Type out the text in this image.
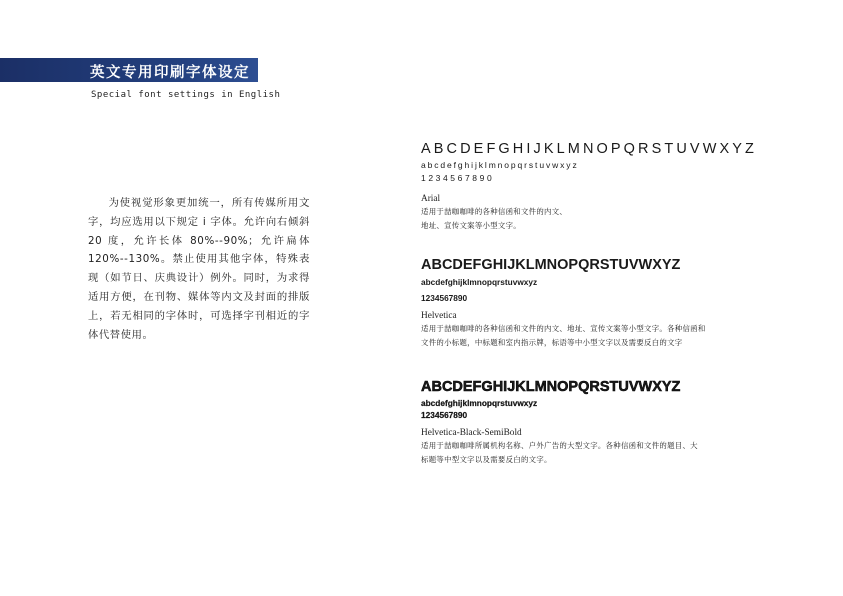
英文专用印刷字体设定
Special font settings in English
为使视觉形象更加统一，所有传媒所用文字，均应选用以下规定 i 字体。允许向右倾斜 20 度，允许长体 80%--90%；允许扁体 120%--130%。禁止使用其他字体，特殊表现（如节日、庆典设计）例外。同时，为求得适用方便，在刊物、媒体等内文及封面的排版上，若无相同的字体时，可选择字刊相近的字体代替使用。
ABCDEFGHIJKLMNOPQRSTUVWXYZ
abcdefghijklmnopqrstuvwxyz
1234567890
Arial
适用于喆咖咖啡的各种信函和文件的内文、
地址、宣传文案等小型文字。
ABCDEFGHIJKLMNOPQRSTUVWXYZ
abcdefghijklmnopqrstuvwxyz
1234567890
Helvetica
适用于喆咖咖啡的各种信函和文件的内文、地址、宣传文案等小型文字。各种信函和
文件的小标题，中标题和室内指示牌，标语等中小型文字以及需要反白的文字
ABCDEFGHIJKLMNOPQRSTUVWXYZ
abcdefghijklmnopqrstuvwxyz
1234567890
Helvetica-Black-SemiBold
适用于喆咖咖啡所属机构名称、户外广告的大型文字。各种信函和文件的题目、大
标题等中型文字以及需要反白的文字。
